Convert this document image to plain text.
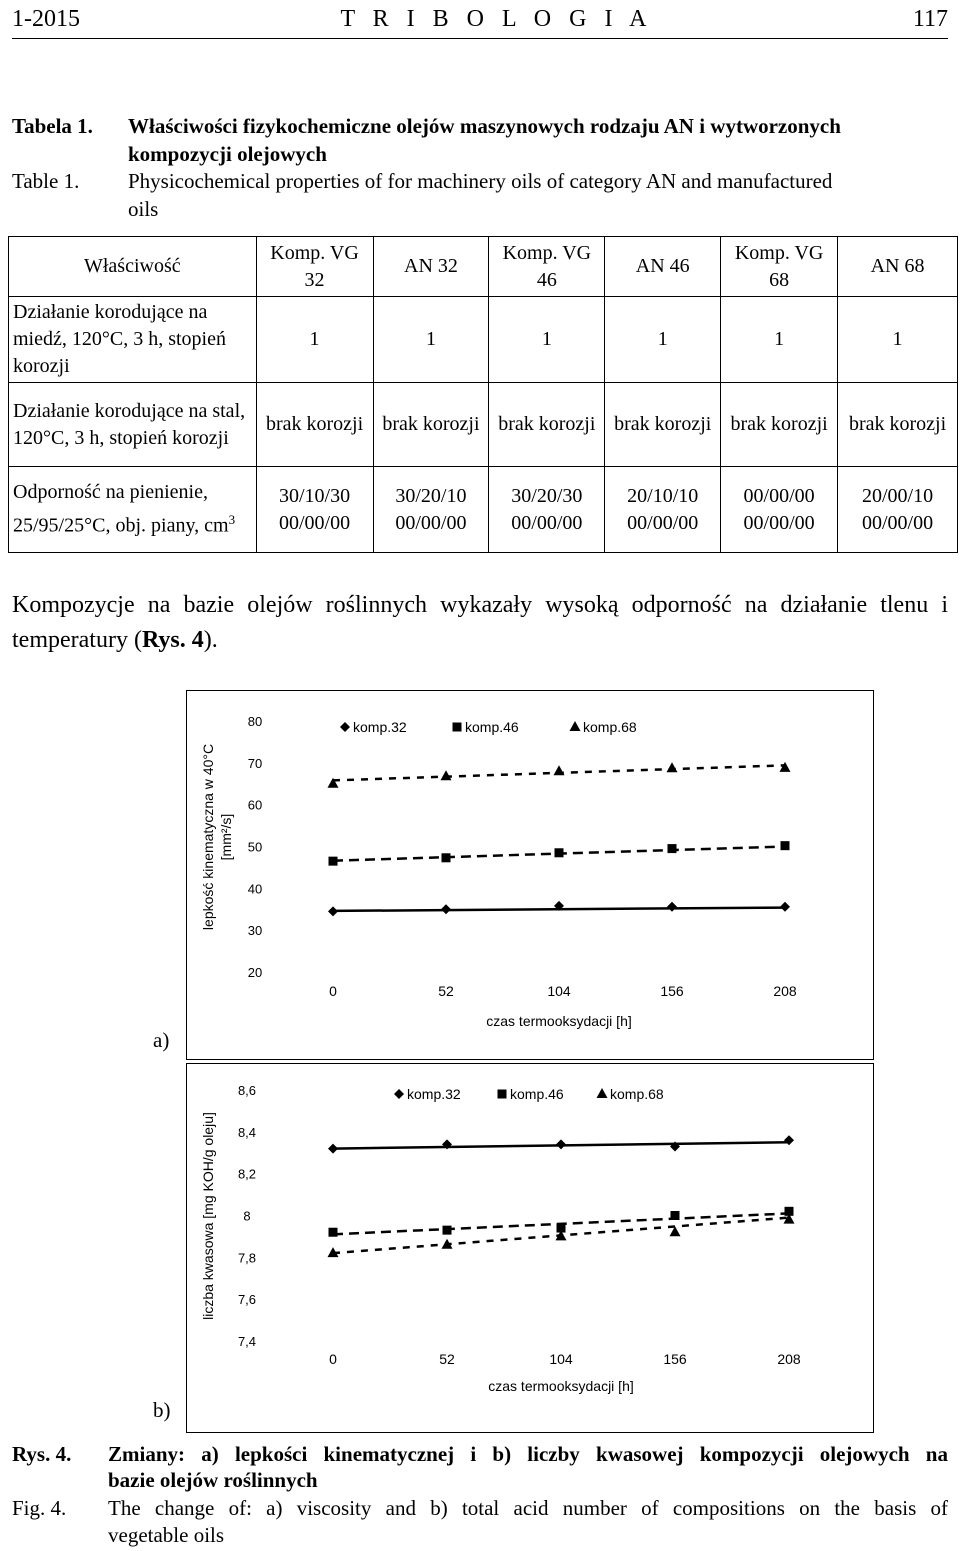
1-2015	T R I B O L O G I A	117
Tabela 1. Właściwości fizykochemiczne olejów maszynowych rodzaju AN i wytworzonych
kompozycji olejowych
Table 1. Physicochemical properties of for machinery oils of category AN and manufactured
oils
Właściwość	Komp. VG 32	AN 32	Komp. VG 46	AN 46	Komp. VG 68	AN 68
Działanie korodujące na miedź, 120°C, 3 h, stopień korozji	1	1	1	1	1	1
Działanie korodujące na stal, 120°C, 3 h, stopień korozji	brak korozji	brak korozji	brak korozji	brak korozji	brak korozji	brak korozji
Odporność na pienienie, 25/95/25°C, obj. piany, $cm^3$	30/10/30 00/00/00	30/20/10 00/00/00	30/20/30 00/00/00	20/10/10 00/00/00	00/00/00 00/00/00	20/00/10 00/00/00
Kompozycje na bazie olejów roślinnych wykazały wysoką odporność na działanie tlenu i temperatury (Rys. 4).
20
30
40
50
60
70
80
0	52	104	156	208
czas termooksydacji [h]
lepkość kinematyczna w 40°C [mm²/s]
komp.32	komp.46	komp.68
a)
7,4
7,6
7,8
8
8,2
8,4
8,6
0	52	104	156	208
czas termooksydacji [h]
liczba kwasowa [mg KOH/g oleju]
komp.32	komp.46	komp.68
b)
Rys. 4. Zmiany: a) lepkości kinematycznej i b) liczby kwasowej kompozycji olejowych na
bazie olejów roślinnych
Fig. 4. The change of: a) viscosity and b) total acid number of compositions on the basis of
vegetable oils
